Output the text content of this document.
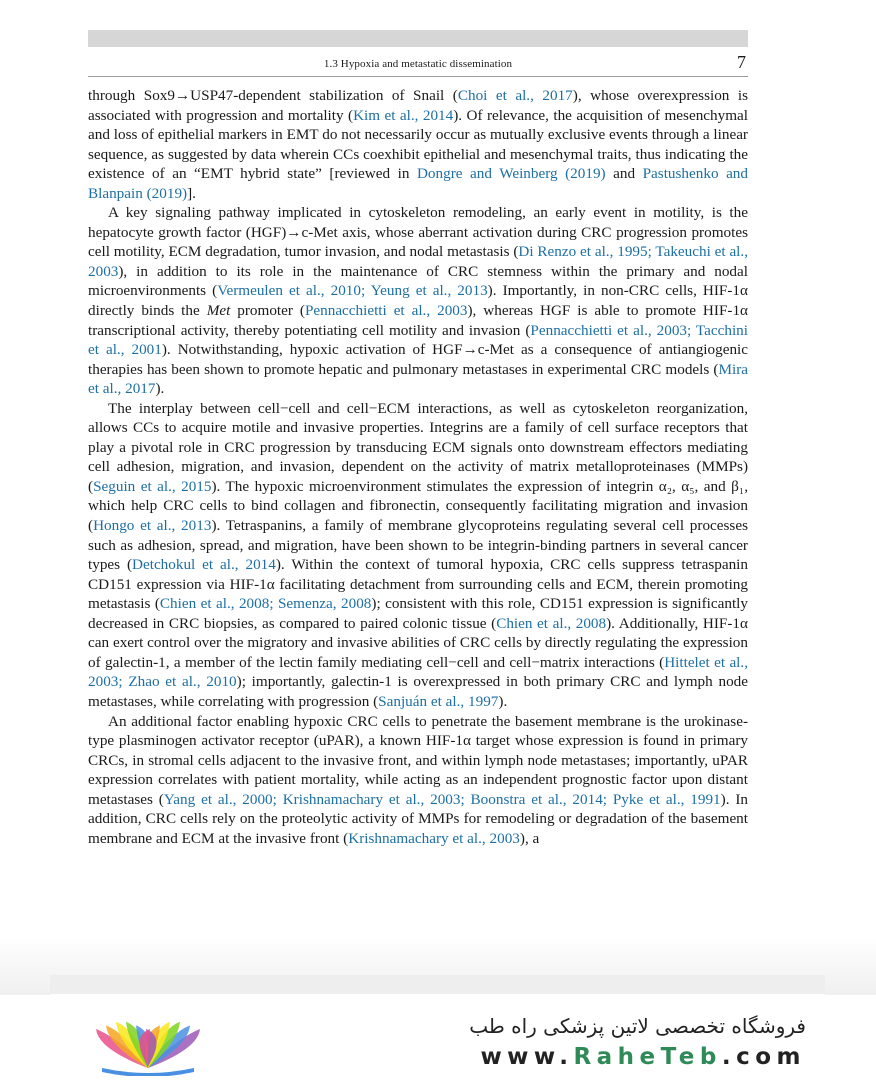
1.3 Hypoxia and metastatic dissemination	7

through Sox9→USP47-dependent stabilization of Snail (Choi et al., 2017), whose overexpression is associated with progression and mortality (Kim et al., 2014). Of relevance, the acquisition of mesenchymal and loss of epithelial markers in EMT do not necessarily occur as mutually exclusive events through a linear sequence, as suggested by data wherein CCs coexhibit epithelial and mesenchymal traits, thus indicating the existence of an “EMT hybrid state” [reviewed in Dongre and Weinberg (2019) and Pastushenko and Blanpain (2019)].

A key signaling pathway implicated in cytoskeleton remodeling, an early event in motility, is the hepatocyte growth factor (HGF)→c-Met axis, whose aberrant activation during CRC progression promotes cell motility, ECM degradation, tumor invasion, and nodal metastasis (Di Renzo et al., 1995; Takeuchi et al., 2003), in addition to its role in the maintenance of CRC stemness within the primary and nodal microenvironments (Vermeulen et al., 2010; Yeung et al., 2013). Importantly, in non-CRC cells, HIF-1α directly binds the Met promoter (Pennacchietti et al., 2003), whereas HGF is able to promote HIF-1α transcriptional activity, thereby potentiating cell motility and invasion (Pennacchietti et al., 2003; Tacchini et al., 2001). Notwithstanding, hypoxic activation of HGF→c-Met as a consequence of antiangiogenic therapies has been shown to promote hepatic and pulmonary metastases in experimental CRC models (Mira et al., 2017).

The interplay between cell−cell and cell−ECM interactions, as well as cytoskeleton reorganization, allows CCs to acquire motile and invasive properties. Integrins are a family of cell surface receptors that play a pivotal role in CRC progression by transducing ECM signals onto downstream effectors mediating cell adhesion, migration, and invasion, dependent on the activity of matrix metalloproteinases (MMPs) (Seguin et al., 2015). The hypoxic microenvironment stimulates the expression of integrin α₂, α₅, and β₁, which help CRC cells to bind collagen and fibronectin, consequently facilitating migration and invasion (Hongo et al., 2013). Tetraspanins, a family of membrane glycoproteins regulating several cell processes such as adhesion, spread, and migration, have been shown to be integrin-binding partners in several cancer types (Detchokul et al., 2014). Within the context of tumoral hypoxia, CRC cells suppress tetraspanin CD151 expression via HIF-1α facilitating detachment from surrounding cells and ECM, therein promoting metastasis (Chien et al., 2008; Semenza, 2008); consistent with this role, CD151 expression is significantly decreased in CRC biopsies, as compared to paired colonic tissue (Chien et al., 2008). Additionally, HIF-1α can exert control over the migratory and invasive abilities of CRC cells by directly regulating the expression of galectin-1, a member of the lectin family mediating cell−cell and cell−matrix interactions (Hittelet et al., 2003; Zhao et al., 2010); importantly, galectin-1 is overexpressed in both primary CRC and lymph node metastases, while correlating with progression (Sanjuán et al., 1997).

An additional factor enabling hypoxic CRC cells to penetrate the basement membrane is the urokinase-type plasminogen activator receptor (uPAR), a known HIF-1α target whose expression is found in primary CRCs, in stromal cells adjacent to the invasive front, and within lymph node metastases; importantly, uPAR expression correlates with patient mortality, while acting as an independent prognostic factor upon distant metastases (Yang et al., 2000; Krishnamachary et al., 2003; Boonstra et al., 2014; Pyke et al., 1991). In addition, CRC cells rely on the proteolytic activity of MMPs for remodeling or degradation of the basement membrane and ECM at the invasive front (Krishnamachary et al., 2003), a

فروشگاه تخصصی لاتین پزشکی راه طب
www.RaheTeb.com
